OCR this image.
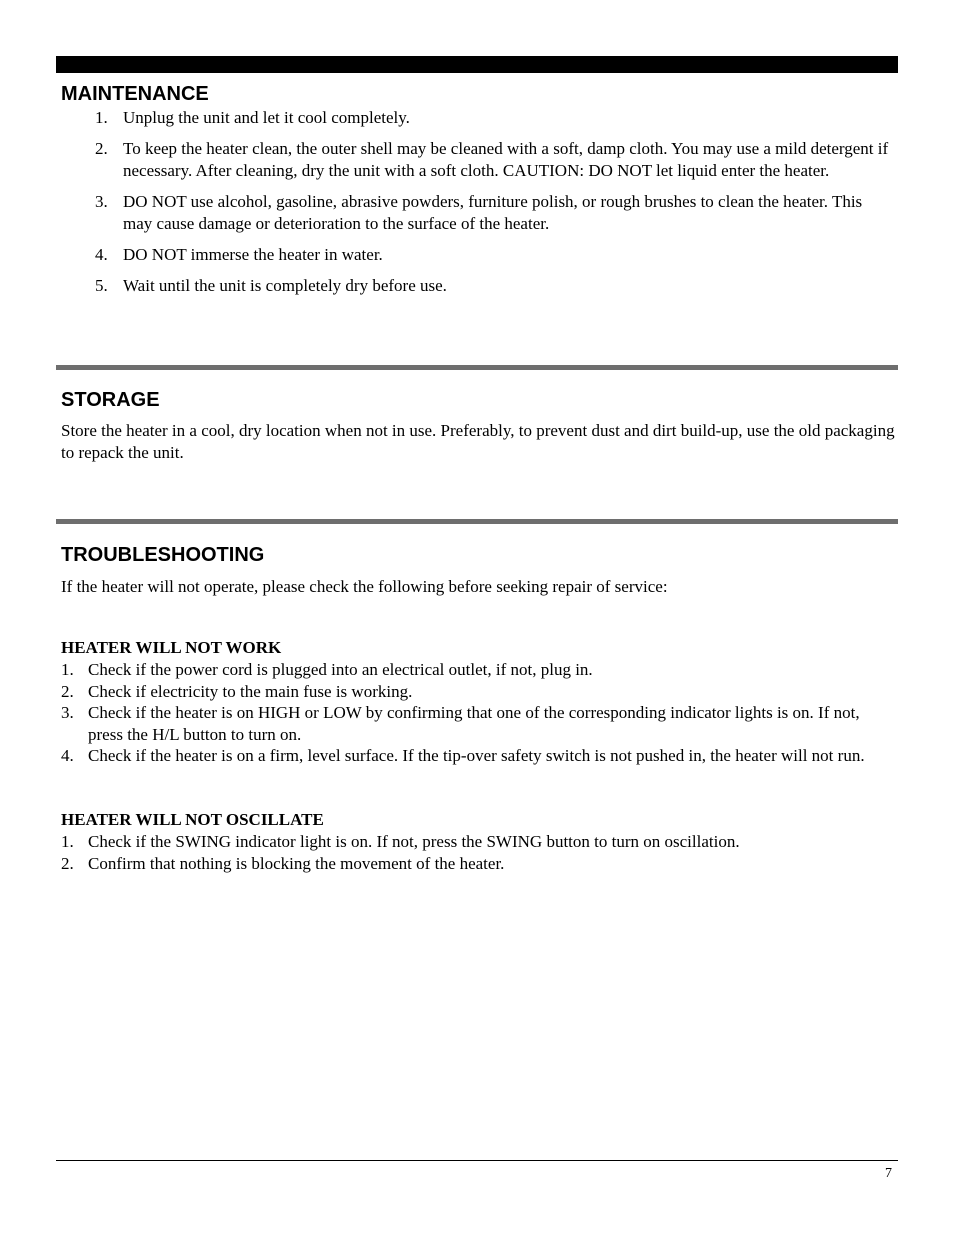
MAINTENANCE
1. Unplug the unit and let it cool completely.
2. To keep the heater clean, the outer shell may be cleaned with a soft, damp cloth. You may use a mild detergent if necessary. After cleaning, dry the unit with a soft cloth. CAUTION: DO NOT let liquid enter the heater.
3. DO NOT use alcohol, gasoline, abrasive powders, furniture polish, or rough brushes to clean the heater. This may cause damage or deterioration to the surface of the heater.
4. DO NOT immerse the heater in water.
5. Wait until the unit is completely dry before use.
STORAGE

Store the heater in a cool, dry location when not in use. Preferably, to prevent dust and dirt build-up, use the old packaging to repack the unit.

TROUBLESHOOTING

If the heater will not operate, please check the following before seeking repair of service:

HEATER WILL NOT WORK
1. Check if the power cord is plugged into an electrical outlet, if not, plug in.
2. Check if electricity to the main fuse is working.
3. Check if the heater is on HIGH or LOW by confirming that one of the corresponding indicator lights is on. If not, press the H/L button to turn on.
4. Check if the heater is on a firm, level surface. If the tip-over safety switch is not pushed in, the heater will not run.
HEATER WILL NOT OSCILLATE
1. Check if the SWING indicator light is on. If not, press the SWING button to turn on oscillation.
2. Confirm that nothing is blocking the movement of the heater.
7
